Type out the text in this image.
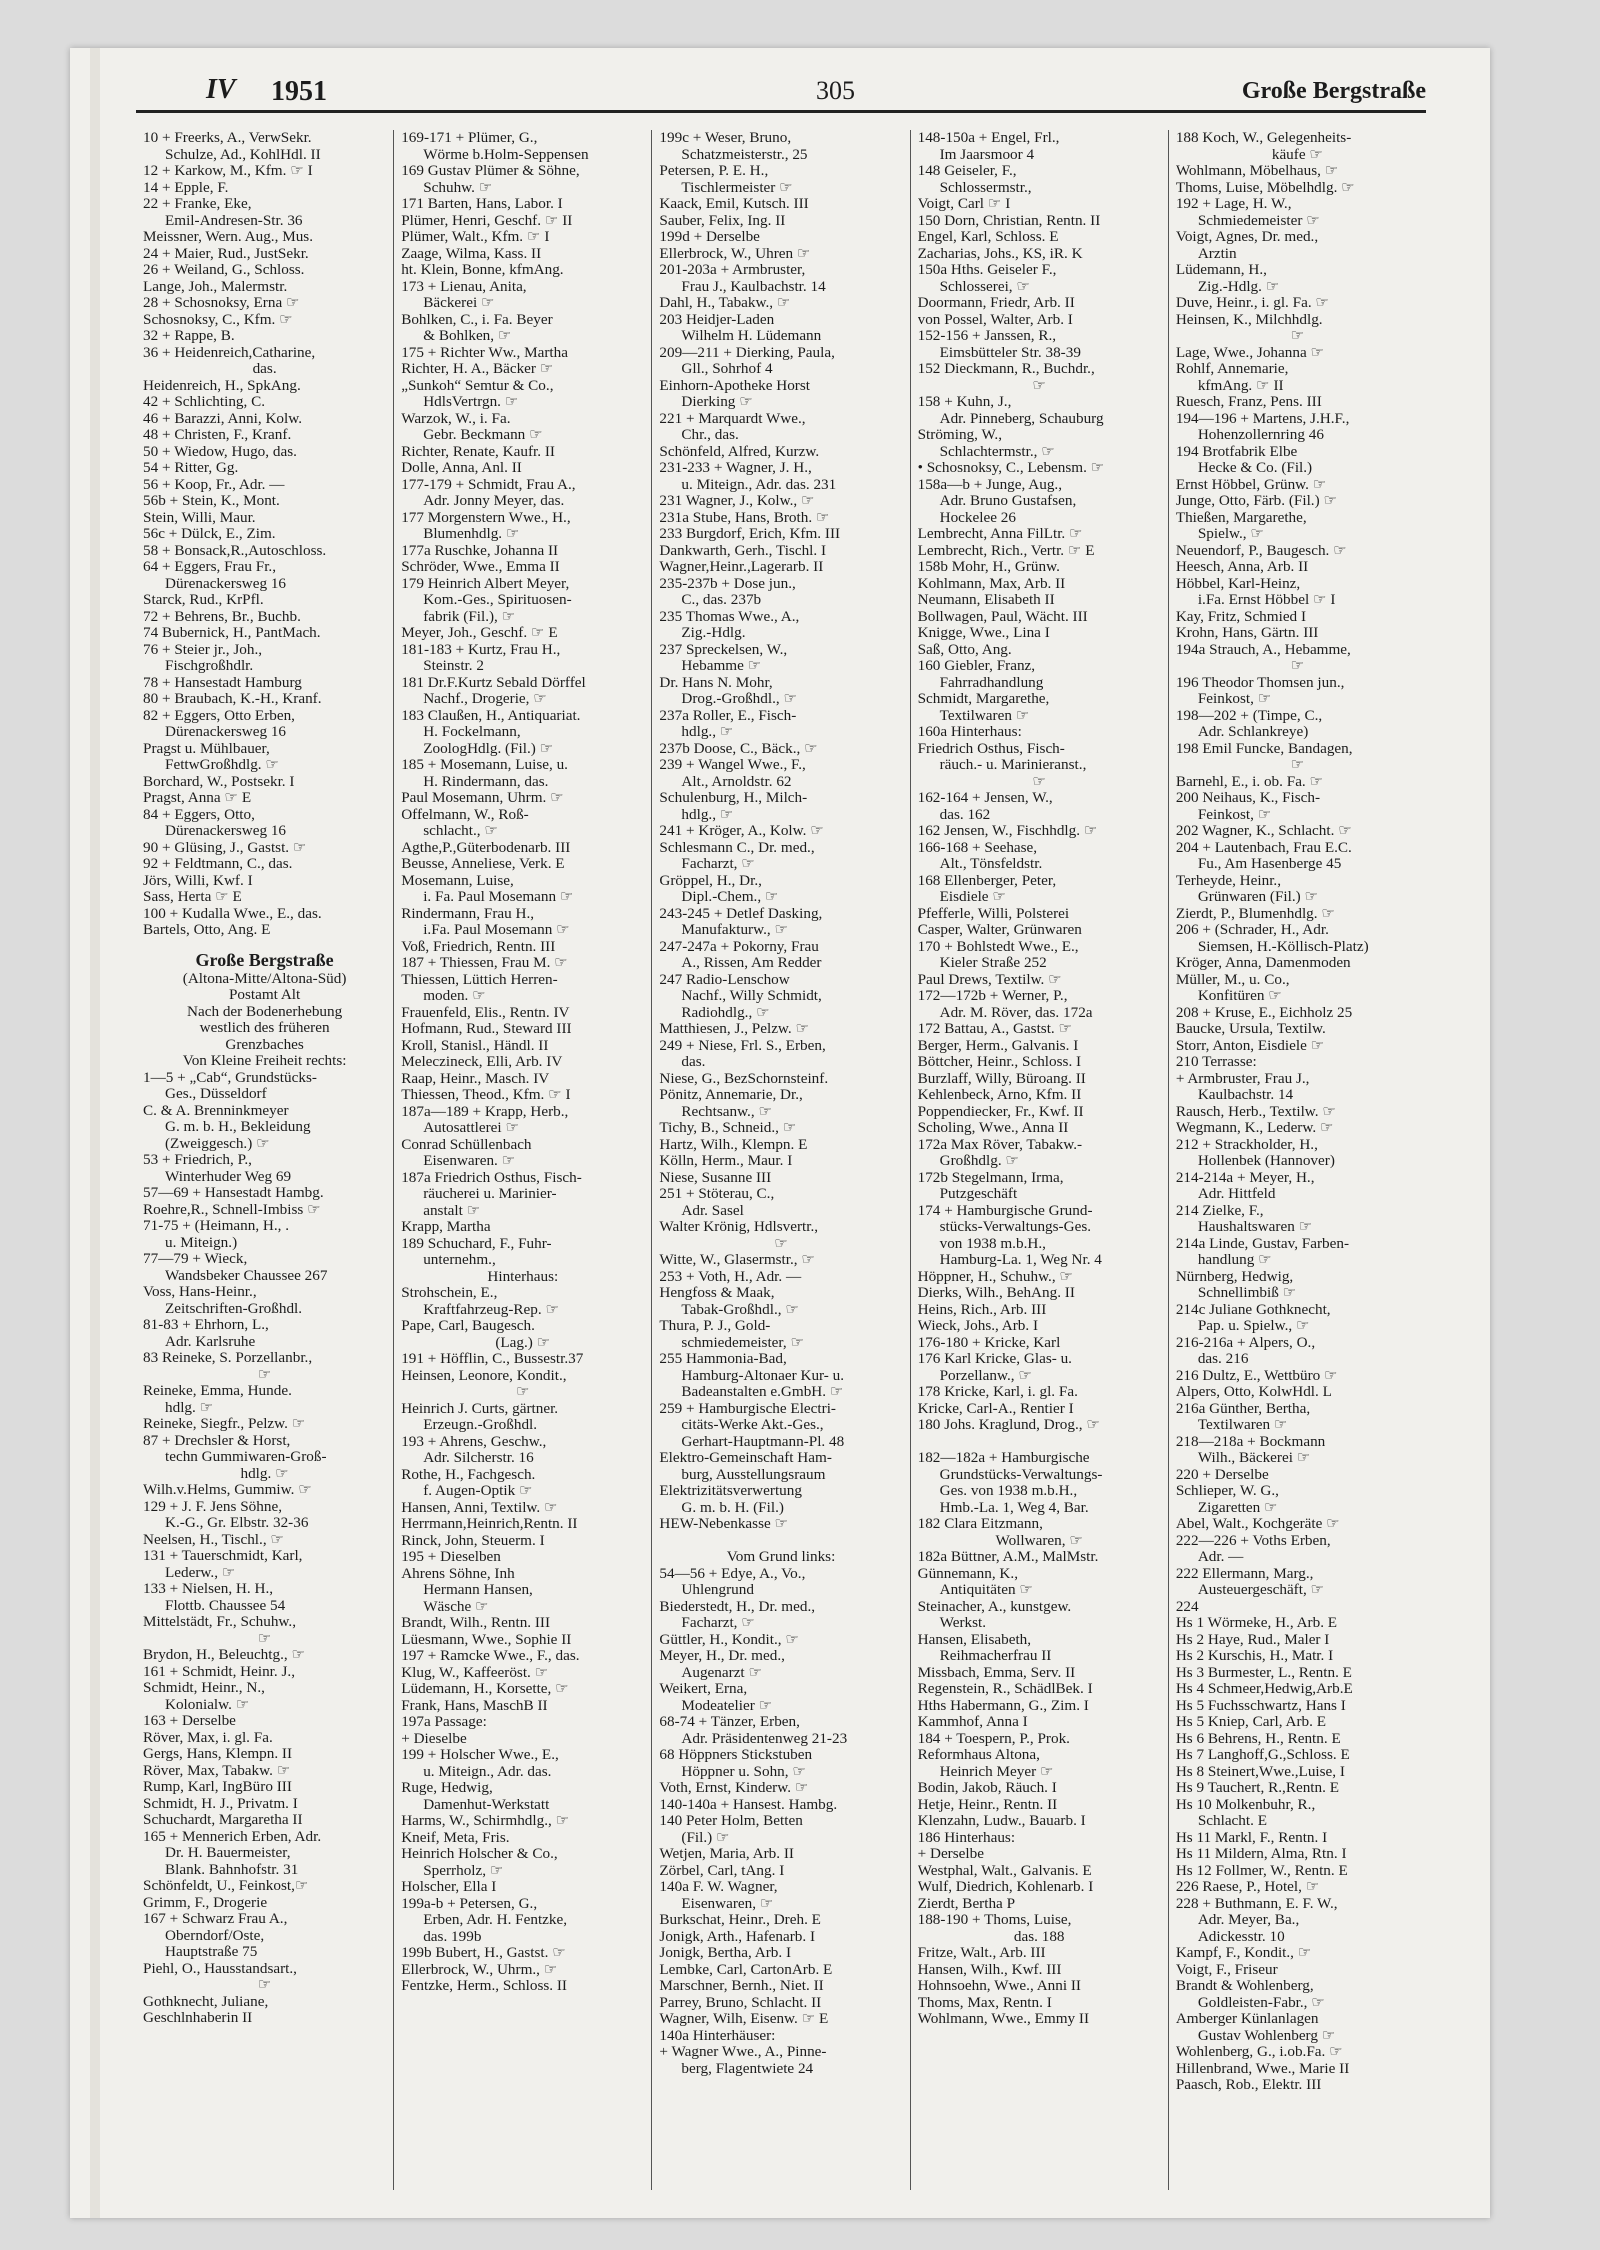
IV 1951	305	Große Bergstraße
10 + Freerks, A., VerwSekr.
Schulze, Ad., KohlHdl. II
12 + Karkow, M., Kfm. ☞ I
14 + Epple, F.
22 + Franke, Eke,
Emil-Andresen-Str. 36
Meissner, Wern. Aug., Mus.
24 + Maier, Rud., JustSekr.
26 + Weiland, G., Schloss.
Lange, Joh., Malermstr.
28 + Schosnoksy, Erna ☞
Schosnoksy, C., Kfm. ☞
32 + Rappe, B.
36 + Heidenreich,Catharine,
das.
Heidenreich, H., SpkAng.
42 + Schlichting, C.
46 + Barazzi, Anni, Kolw.
48 + Christen, F., Kranf.
50 + Wiedow, Hugo, das.
54 + Ritter, Gg.
56 + Koop, Fr., Adr. —
56b + Stein, K., Mont.
Stein, Willi, Maur.
56c + Dülck, E., Zim.
58 + Bonsack,R.,Autoschloss.
64 + Eggers, Frau Fr.,
Dürenackersweg 16
Starck, Rud., KrPfl.
72 + Behrens, Br., Buchb.
74 Bubernick, H., PantMach.
76 + Steier jr., Joh.,
Fischgroßhdlr.
78 + Hansestadt Hamburg
80 + Braubach, K.-H., Kranf.
82 + Eggers, Otto Erben,
Dürenackersweg 16
Pragst u. Mühlbauer,
FettwGroßhdlg. ☞
Borchard, W., Postsekr. I
Pragst, Anna ☞ E
84 + Eggers, Otto,
Dürenackersweg 16
90 + Glüsing, J., Gastst. ☞
92 + Feldtmann, C., das.
Jörs, Willi, Kwf. I
Sass, Herta ☞ E
100 + Kudalla Wwe., E., das.
Bartels, Otto, Ang. E
Große Bergstraße
(Altona-Mitte/Altona-Süd)
Postamt Alt
Nach der Bodenerhebung
westlich des früheren
Grenzbaches
Von Kleine Freiheit rechts:
1—5 + „Cab“, Grundstücks-
Ges., Düsseldorf
C. & A. Brenninkmeyer
G. m. b. H., Bekleidung
(Zweiggesch.) ☞
53 + Friedrich, P.,
Winterhuder Weg 69
57—69 + Hansestadt Hambg.
Roehre,R., Schnell-Imbiss ☞
71-75 + (Heimann, H., .
u. Miteign.)
77—79 + Wieck,
Wandsbeker Chaussee 267
Voss, Hans-Heinr.,
Zeitschriften-Großhdl.
81-83 + Ehrhorn, L.,
Adr. Karlsruhe
83 Reineke, S. Porzellanbr.,
☞
Reineke, Emma, Hunde.
hdlg. ☞
Reineke, Siegfr., Pelzw. ☞
87 + Drechsler & Horst,
techn Gummiwaren-Groß-
hdlg. ☞
Wilh.v.Helms, Gummiw. ☞
129 + J. F. Jens Söhne,
K.-G., Gr. Elbstr. 32-36
Neelsen, H., Tischl., ☞
131 + Tauerschmidt, Karl,
Lederw., ☞
133 + Nielsen, H. H.,
Flottb. Chaussee 54
Mittelstädt, Fr., Schuhw.,
☞
Brydon, H., Beleuchtg., ☞
161 + Schmidt, Heinr. J.,
Schmidt, Heinr., N.,
Kolonialw. ☞
163 + Derselbe
Röver, Max, i. gl. Fa.
Gergs, Hans, Klempn. II
Röver, Max, Tabakw. ☞
Rump, Karl, IngBüro III
Schmidt, H. J., Privatm. I
Schuchardt, Margaretha II
165 + Mennerich Erben, Adr.
Dr. H. Bauermeister,
Blank. Bahnhofstr. 31
Schönfeldt, U., Feinkost,☞
Grimm, F., Drogerie
167 + Schwarz Frau A.,
Oberndorf/Oste,
Hauptstraße 75
Piehl, O., Hausstandsart.,
☞
Gothknecht, Juliane,
Geschlnhaberin II
169-171 + Plümer, G.,
Wörme b.Holm-Seppensen
169 Gustav Plümer & Söhne,
Schuhw. ☞
171 Barten, Hans, Labor. I
Plümer, Henri, Geschf. ☞ II
Plümer, Walt., Kfm. ☞ I
Zaage, Wilma, Kass. II
ht. Klein, Bonne, kfmAng.
173 + Lienau, Anita,
Bäckerei ☞
Bohlken, C., i. Fa. Beyer
& Bohlken, ☞
175 + Richter Ww., Martha
Richter, H. A., Bäcker ☞
„Sunkoh“ Semtur & Co.,
HdlsVertrgn. ☞
Warzok, W., i. Fa.
Gebr. Beckmann ☞
Richter, Renate, Kaufr. II
Dolle, Anna, Anl. II
177-179 + Schmidt, Frau A.,
Adr. Jonny Meyer, das.
177 Morgenstern Wwe., H.,
Blumenhdlg. ☞
177a Ruschke, Johanna II
Schröder, Wwe., Emma II
179 Heinrich Albert Meyer,
Kom.-Ges., Spirituosen-
fabrik (Fil.), ☞
Meyer, Joh., Geschf. ☞ E
181-183 + Kurtz, Frau H.,
Steinstr. 2
181 Dr.F.Kurtz Sebald Dörffel
Nachf., Drogerie, ☞
183 Claußen, H., Antiquariat.
H. Fockelmann,
ZoologHdlg. (Fil.) ☞
185 + Mosemann, Luise, u.
H. Rindermann, das.
Paul Mosemann, Uhrm. ☞
Offelmann, W., Roß-
schlacht., ☞
Agthe,P.,Güterbodenarb. III
Beusse, Anneliese, Verk. E
Mosemann, Luise,
i. Fa. Paul Mosemann ☞
Rindermann, Frau H.,
i.Fa. Paul Mosemann ☞
Voß, Friedrich, Rentn. III
187 + Thiessen, Frau M. ☞
Thiessen, Lüttich Herren-
moden. ☞
Frauenfeld, Elis., Rentn. IV
Hofmann, Rud., Steward III
Kroll, Stanisl., Händl. II
Meleczineck, Elli, Arb. IV
Raap, Heinr., Masch. IV
Thiessen, Theod., Kfm. ☞ I
187a—189 + Krapp, Herb.,
Autosattlerei ☞
Conrad Schüllenbach
Eisenwaren. ☞
187a Friedrich Osthus, Fisch-
räucherei u. Marinier-
anstalt ☞
Krapp, Martha
189 Schuchard, F., Fuhr-
unternehm.,
Hinterhaus:
Strohschein, E.,
Kraftfahrzeug-Rep. ☞
Pape, Carl, Baugesch.
(Lag.) ☞
191 + Höfflin, C., Bussestr.37
Heinsen, Leonore, Kondit.,
☞
Heinrich J. Curts, gärtner.
Erzeugn.-Großhdl.
193 + Ahrens, Geschw.,
Adr. Silcherstr. 16
Rothe, H., Fachgesch.
f. Augen-Optik ☞
Hansen, Anni, Textilw. ☞
Herrmann,Heinrich,Rentn. II
Rinck, John, Steuerm. I
195 + Dieselben
Ahrens Söhne, Inh
Hermann Hansen,
Wäsche ☞
Brandt, Wilh., Rentn. III
Lüesmann, Wwe., Sophie II
197 + Ramcke Wwe., F., das.
Klug, W., Kaffeeröst. ☞
Lüdemann, H., Korsette, ☞
Frank, Hans, MaschB II
197a Passage:
+ Dieselbe
199 + Holscher Wwe., E.,
u. Miteign., Adr. das.
Ruge, Hedwig,
Damenhut-Werkstatt
Harms, W., Schirmhdlg., ☞
Kneif, Meta, Fris.
Heinrich Holscher & Co.,
Sperrholz, ☞
Holscher, Ella I
199a-b + Petersen, G.,
Erben, Adr. H. Fentzke,
das. 199b
199b Bubert, H., Gastst. ☞
Ellerbrock, W., Uhrm., ☞
Fentzke, Herm., Schloss. II
199c + Weser, Bruno,
Schatzmeisterstr., 25
Petersen, P. E. H.,
Tischlermeister ☞
Kaack, Emil, Kutsch. III
Sauber, Felix, Ing. II
199d + Derselbe
Ellerbrock, W., Uhren ☞
201-203a + Armbruster,
Frau J., Kaulbachstr. 14
Dahl, H., Tabakw., ☞
203 Heidjer-Laden
Wilhelm H. Lüdemann
209—211 + Dierking, Paula,
Gll., Sohrhof 4
Einhorn-Apotheke Horst
Dierking ☞
221 + Marquardt Wwe.,
Chr., das.
Schönfeld, Alfred, Kurzw.
231-233 + Wagner, J. H.,
u. Miteign., Adr. das. 231
231 Wagner, J., Kolw., ☞
231a Stube, Hans, Broth. ☞
233 Burgdorf, Erich, Kfm. III
Dankwarth, Gerh., Tischl. I
Wagner,Heinr.,Lagerarb. II
235-237b + Dose jun.,
C., das. 237b
235 Thomas Wwe., A.,
Zig.-Hdlg.
237 Spreckelsen, W.,
Hebamme ☞
Dr. Hans N. Mohr,
Drog.-Großhdl., ☞
237a Roller, E., Fisch-
hdlg., ☞
237b Doose, C., Bäck., ☞
239 + Wangel Wwe., F.,
Alt., Arnoldstr. 62
Schulenburg, H., Milch-
hdlg., ☞
241 + Kröger, A., Kolw. ☞
Schlesmann C., Dr. med.,
Facharzt, ☞
Gröppel, H., Dr.,
Dipl.-Chem., ☞
243-245 + Detlef Dasking,
Manufakturw., ☞
247-247a + Pokorny, Frau
A., Rissen, Am Redder
247 Radio-Lenschow
Nachf., Willy Schmidt,
Radiohdlg., ☞
Matthiesen, J., Pelzw. ☞
249 + Niese, Frl. S., Erben,
das.
Niese, G., BezSchornsteinf.
Pönitz, Annemarie, Dr.,
Rechtsanw., ☞
Tichy, B., Schneid., ☞
Hartz, Wilh., Klempn. E
Kölln, Herm., Maur. I
Niese, Susanne III
251 + Stöterau, C.,
Adr. Sasel
Walter Krönig, Hdlsvertr.,
☞
Witte, W., Glasermstr., ☞
253 + Voth, H., Adr. —
Hengfoss & Maak,
Tabak-Großhdl., ☞
Thura, P. J., Gold-
schmiedemeister, ☞
255 Hammonia-Bad,
Hamburg-Altonaer Kur- u.
Badeanstalten e.GmbH. ☞
259 + Hamburgische Electri-
citäts-Werke Akt.-Ges.,
Gerhart-Hauptmann-Pl. 48
Elektro-Gemeinschaft Ham-
burg, Ausstellungsraum
Elektrizitätsverwertung
G. m. b. H. (Fil.)
HEW-Nebenkasse ☞

Vom Grund links:
54—56 + Edye, A., Vo.,
Uhlengrund
Biederstedt, H., Dr. med.,
Facharzt, ☞
Güttler, H., Kondit., ☞
Meyer, H., Dr. med.,
Augenarzt ☞
Weikert, Erna,
Modeatelier ☞
68-74 + Tänzer, Erben,
Adr. Präsidentenweg 21-23
68 Höppners Stickstuben
Höppner u. Sohn, ☞
Voth, Ernst, Kinderw. ☞
140-140a + Hansest. Hambg.
140 Peter Holm, Betten
(Fil.) ☞
Wetjen, Maria, Arb. II
Zörbel, Carl, tAng. I
140a F. W. Wagner,
Eisenwaren, ☞
Burkschat, Heinr., Dreh. E
Jonigk, Arth., Hafenarb. I
Jonigk, Bertha, Arb. I
Lembke, Carl, CartonArb. E
Marschner, Bernh., Niet. II
Parrey, Bruno, Schlacht. II
Wagner, Wilh, Eisenw. ☞ E
140a Hinterhäuser:
+ Wagner Wwe., A., Pinne-
berg, Flagentwiete 24
148-150a + Engel, Frl.,
Im Jaarsmoor 4
148 Geiseler, F.,
Schlossermstr.,
Voigt, Carl ☞ I
150 Dorn, Christian, Rentn. II
Engel, Karl, Schloss. E
Zacharias, Johs., KS, iR. K
150a Hths. Geiseler F.,
Schlosserei, ☞
Doormann, Friedr, Arb. II
von Possel, Walter, Arb. I
152-156 + Janssen, R.,
Eimsbütteler Str. 38-39
152 Dieckmann, R., Buchdr.,
☞
158 + Kuhn, J.,
Adr. Pinneberg, Schauburg
Ströming, W.,
Schlachtermstr., ☞
• Schosnoksy, C., Lebensm. ☞
158a—b + Junge, Aug.,
Adr. Bruno Gustafsen,
Hockelee 26
Lembrecht, Anna FilLtr. ☞
Lembrecht, Rich., Vertr. ☞ E
158b Mohr, H., Grünw.
Kohlmann, Max, Arb. II
Neumann, Elisabeth II
Bollwagen, Paul, Wächt. III
Knigge, Wwe., Lina I
Saß, Otto, Ang.
160 Giebler, Franz,
Fahrradhandlung
Schmidt, Margarethe,
Textilwaren ☞
160a Hinterhaus:
Friedrich Osthus, Fisch-
räuch.- u. Marinieranst.,
☞
162-164 + Jensen, W.,
das. 162
162 Jensen, W., Fischhdlg. ☞
166-168 + Seehase,
Alt., Tönsfeldstr.
168 Ellenberger, Peter,
Eisdiele ☞
Pfefferle, Willi, Polsterei
Casper, Walter, Grünwaren
170 + Bohlstedt Wwe., E.,
Kieler Straße 252
Paul Drews, Textilw. ☞
172—172b + Werner, P.,
Adr. M. Röver, das. 172a
172 Battau, A., Gastst. ☞
Berger, Herm., Galvanis. I
Böttcher, Heinr., Schloss. I
Burzlaff, Willy, Büroang. II
Kehlenbeck, Arno, Kfm. II
Poppendiecker, Fr., Kwf. II
Scholing, Wwe., Anna II
172a Max Röver, Tabakw.-
Großhdlg. ☞
172b Stegelmann, Irma,
Putzgeschäft
174 + Hamburgische Grund-
stücks-Verwaltungs-Ges.
von 1938 m.b.H.,
Hamburg-La. 1, Weg Nr. 4
Höppner, H., Schuhw., ☞
Dierks, Wilh., BehAng. II
Heins, Rich., Arb. III
Wieck, Johs., Arb. I
176-180 + Kricke, Karl
176 Karl Kricke, Glas- u.
Porzellanw., ☞
178 Kricke, Karl, i. gl. Fa.
Kricke, Carl-A., Rentier I
180 Johs. Kraglund, Drog., ☞

182—182a + Hamburgische
Grundstücks-Verwaltungs-
Ges. von 1938 m.b.H.,
Hmb.-La. 1, Weg 4, Bar.
182 Clara Eitzmann,
Wollwaren, ☞
182a Büttner, A.M., MalMstr.
Günnemann, K.,
Antiquitäten ☞
Steinacher, A., kunstgew.
Werkst.
Hansen, Elisabeth,
Reihmacherfrau II
Missbach, Emma, Serv. II
Regenstein, R., SchädlBek. I
Hths Habermann, G., Zim. I
Kammhof, Anna I
184 + Toespern, P., Prok.
Reformhaus Altona,
Heinrich Meyer ☞
Bodin, Jakob, Räuch. I
Hetje, Heinr., Rentn. II
Klenzahn, Ludw., Bauarb. I
186 Hinterhaus:
+ Derselbe
Westphal, Walt., Galvanis. E
Wulf, Diedrich, Kohlenarb. I
Zierdt, Bertha P
188-190 + Thoms, Luise,
das. 188
Fritze, Walt., Arb. III
Hansen, Wilh., Kwf. III
Hohnsoehn, Wwe., Anni II
Thoms, Max, Rentn. I
Wohlmann, Wwe., Emmy II
188 Koch, W., Gelegenheits-
käufe ☞
Wohlmann, Möbelhaus, ☞
Thoms, Luise, Möbelhdlg. ☞
192 + Lage, H. W.,
Schmiedemeister ☞
Voigt, Agnes, Dr. med.,
Arztin
Lüdemann, H.,
Zig.-Hdlg. ☞
Duve, Heinr., i. gl. Fa. ☞
Heinsen, K., Milchhdlg.
☞
Lage, Wwe., Johanna ☞
Rohlf, Annemarie,
kfmAng. ☞ II
Ruesch, Franz, Pens. III
194—196 + Martens, J.H.F.,
Hohenzollernring 46
194 Brotfabrik Elbe
Hecke & Co. (Fil.)
Ernst Höbbel, Grünw. ☞
Junge, Otto, Färb. (Fil.) ☞
Thießen, Margarethe,
Spielw., ☞
Neuendorf, P., Baugesch. ☞
Heesch, Anna, Arb. II
Höbbel, Karl-Heinz,
i.Fa. Ernst Höbbel ☞ I
Kay, Fritz, Schmied I
Krohn, Hans, Gärtn. III
194a Strauch, A., Hebamme,
☞
196 Theodor Thomsen jun.,
Feinkost, ☞
198—202 + (Timpe, C.,
Adr. Schlankreye)
198 Emil Funcke, Bandagen,
☞
Barnehl, E., i. ob. Fa. ☞
200 Neihaus, K., Fisch-
Feinkost, ☞
202 Wagner, K., Schlacht. ☞
204 + Lautenbach, Frau E.C.
Fu., Am Hasenberge 45
Terheyde, Heinr.,
Grünwaren (Fil.) ☞
Zierdt, P., Blumenhdlg. ☞
206 + (Schrader, H., Adr.
Siemsen, H.-Köllisch-Platz)
Kröger, Anna, Damenmoden
Müller, M., u. Co.,
Konfitüren ☞
208 + Kruse, E., Eichholz 25
Baucke, Ursula, Textilw.
Storr, Anton, Eisdiele ☞
210 Terrasse:
+ Armbruster, Frau J.,
Kaulbachstr. 14
Rausch, Herb., Textilw. ☞
Wegmann, K., Lederw. ☞
212 + Strackholder, H.,
Hollenbek (Hannover)
214-214a + Meyer, H.,
Adr. Hittfeld
214 Zielke, F.,
Haushaltswaren ☞
214a Linde, Gustav, Farben-
handlung ☞
Nürnberg, Hedwig,
Schnellimbiß ☞
214c Juliane Gothknecht,
Pap. u. Spielw., ☞
216-216a + Alpers, O.,
das. 216
216 Dultz, E., Wettbüro ☞
Alpers, Otto, KolwHdl. L
216a Günther, Bertha,
Textilwaren ☞
218—218a + Bockmann
Wilh., Bäckerei ☞
220 + Derselbe
Schlieper, W. G.,
Zigaretten ☞
Abel, Walt., Kochgeräte ☞
222—226 + Voths Erben,
Adr. —
222 Ellermann, Marg.,
Austeuergeschäft, ☞
224
Hs 1 Wörmeke, H., Arb. E
Hs 2 Haye, Rud., Maler I
Hs 2 Kurschis, H., Matr. I
Hs 3 Burmester, L., Rentn. E
Hs 4 Schmeer,Hedwig,Arb.E
Hs 5 Fuchsschwartz, Hans I
Hs 5 Kniep, Carl, Arb. E
Hs 6 Behrens, H., Rentn. E
Hs 7 Langhoff,G.,Schloss. E
Hs 8 Steinert,Wwe.,Luise, I
Hs 9 Tauchert, R.,Rentn. E
Hs 10 Molkenbuhr, R.,
Schlacht. E
Hs 11 Markl, F., Rentn. I
Hs 11 Mildern, Alma, Rtn. I
Hs 12 Follmer, W., Rentn. E
226 Raese, P., Hotel, ☞
228 + Buthmann, E. F. W.,
Adr. Meyer, Ba.,
Adickesstr. 10
Kampf, F., Kondit., ☞
Voigt, F., Friseur
Brandt & Wohlenberg,
Goldleisten-Fabr., ☞
Amberger Künlanlagen
Gustav Wohlenberg ☞
Wohlenberg, G., i.ob.Fa. ☞
Hillenbrand, Wwe., Marie II
Paasch, Rob., Elektr. III
